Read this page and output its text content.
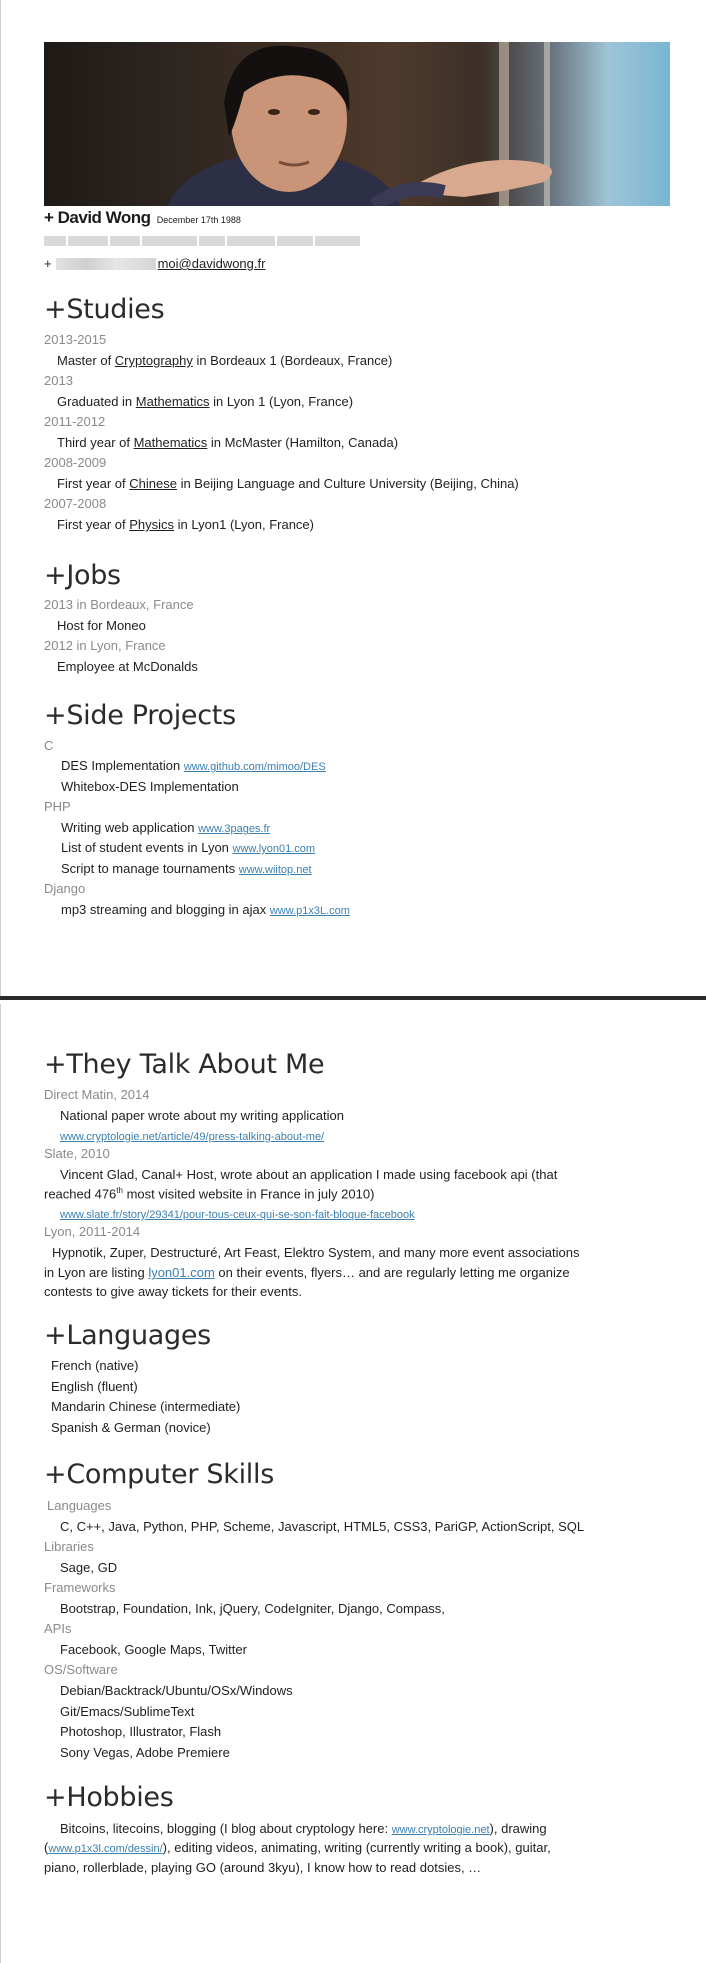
+ David Wong December 17th 1988
+	moi@davidwong.fr
+Studies
2013-2015
Master of Cryptography in Bordeaux 1 (Bordeaux, France)
2013
Graduated in Mathematics in Lyon 1 (Lyon, France)
2011-2012
Third year of Mathematics in McMaster (Hamilton, Canada)
2008-2009
First year of Chinese in Beijing Language and Culture University (Beijing, China)
2007-2008
First year of Physics in Lyon1 (Lyon, France)
+Jobs
2013 in Bordeaux, France
Host for Moneo
2012 in Lyon, France
Employee at McDonalds
+Side Projects
C
DES Implementation www.github.com/mimoo/DES
Whitebox-DES Implementation
PHP
Writing web application www.3pages.fr
List of student events in Lyon www.lyon01.com
Script to manage tournaments www.wiitop.net
Django
mp3 streaming and blogging in ajax www.p1x3L.com
+They Talk About Me
Direct Matin, 2014
National paper wrote about my writing application
www.cryptologie.net/article/49/press-talking-about-me/
Slate, 2010
Vincent Glad, Canal+ Host, wrote about an application I made using facebook api (that
reached 476th most visited website in France in july 2010)
www.slate.fr/story/29341/pour-tous-ceux-qui-se-son-fait-bloque-facebook
Lyon, 2011-2014
Hypnotik, Zuper, Destructuré, Art Feast, Elektro System, and many more event associations
in Lyon are listing lyon01.com on their events, flyers… and are regularly letting me organize
contests to give away tickets for their events.
+Languages
French (native)
English (fluent)
Mandarin Chinese (intermediate)
Spanish & German (novice)
+Computer Skills
Languages
C, C++, Java, Python, PHP, Scheme, Javascript, HTML5, CSS3, PariGP, ActionScript, SQL
Libraries
Sage, GD
Frameworks
Bootstrap, Foundation, Ink, jQuery, CodeIgniter, Django, Compass,
APIs
Facebook, Google Maps, Twitter
OS/Software
Debian/Backtrack/Ubuntu/OSx/Windows
Git/Emacs/SublimeText
Photoshop, Illustrator, Flash
Sony Vegas, Adobe Premiere
+Hobbies
Bitcoins, litecoins, blogging (I blog about cryptology here: www.cryptologie.net), drawing
(www.p1x3l.com/dessin/), editing videos, animating, writing (currently writing a book), guitar,
piano, rollerblade, playing GO (around 3kyu), I know how to read dotsies, …
